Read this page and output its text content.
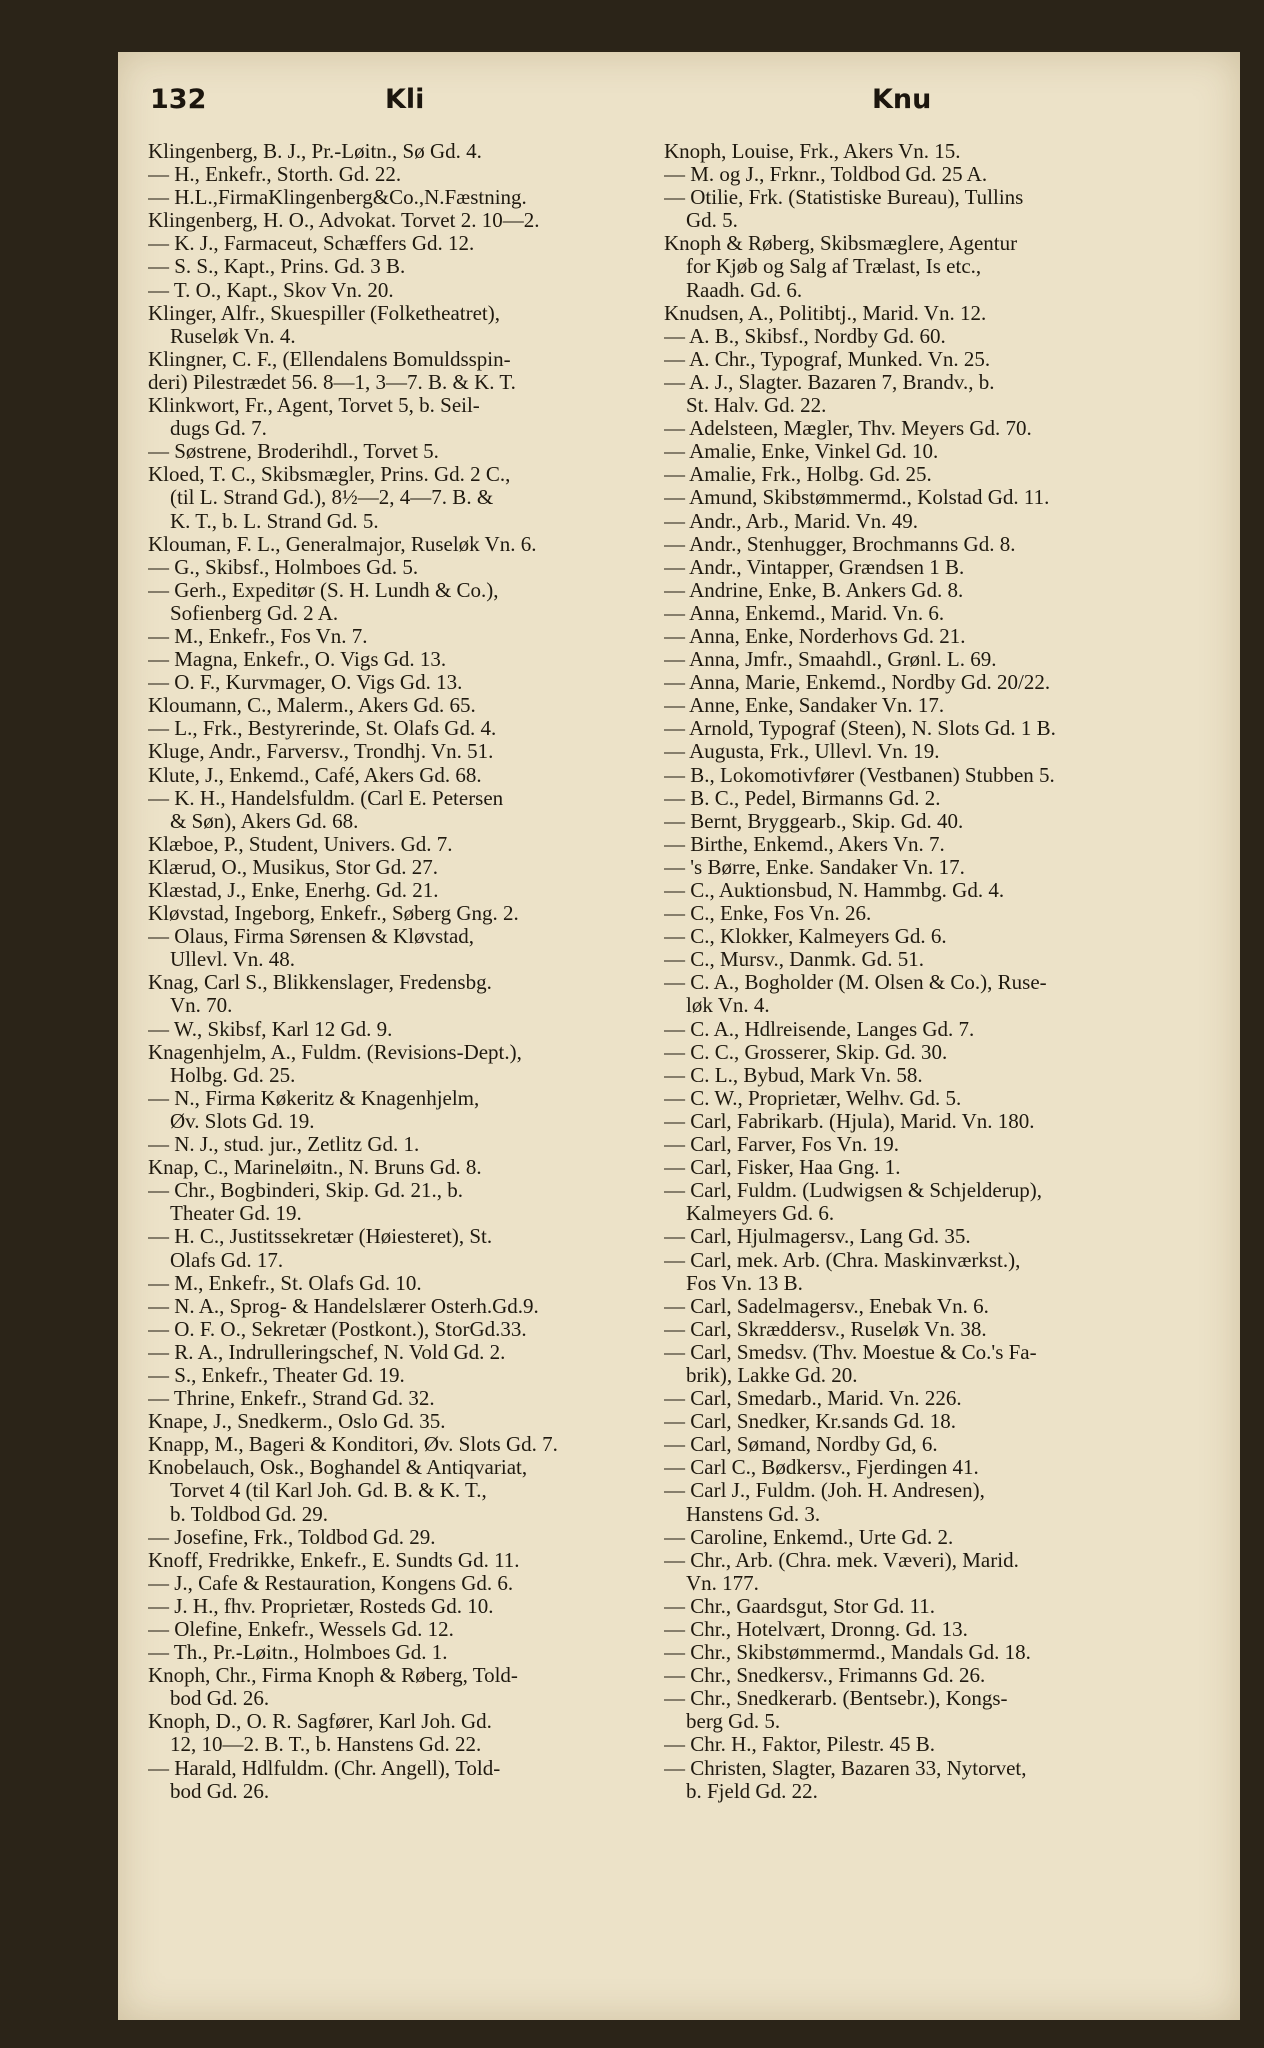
132	Kli	Knu
Klingenberg, B. J., Pr.-Løitn., Sø Gd. 4.
— H., Enkefr., Storth. Gd. 22.
— H.L.,FirmaKlingenberg&Co.,N.Fæstning.
Klingenberg, H. O., Advokat. Torvet 2. 10—2.
— K. J., Farmaceut, Schæffers Gd. 12.
— S. S., Kapt., Prins. Gd. 3 B.
— T. O., Kapt., Skov Vn. 20.
Klinger, Alfr., Skuespiller (Folketheatret),
Ruseløk Vn. 4.
Klingner, C. F., (Ellendalens Bomuldsspin-
deri) Pilestrædet 56. 8—1, 3—7. B. & K. T.
Klinkwort, Fr., Agent, Torvet 5, b. Seil-
dugs Gd. 7.
— Søstrene, Broderihdl., Torvet 5.
Kloed, T. C., Skibsmægler, Prins. Gd. 2 C.,
(til L. Strand Gd.), 8½—2, 4—7. B. &
K. T., b. L. Strand Gd. 5.
Klouman, F. L., Generalmajor, Ruseløk Vn. 6.
— G., Skibsf., Holmboes Gd. 5.
— Gerh., Expeditør (S. H. Lundh & Co.),
Sofienberg Gd. 2 A.
— M., Enkefr., Fos Vn. 7.
— Magna, Enkefr., O. Vigs Gd. 13.
— O. F., Kurvmager, O. Vigs Gd. 13.
Kloumann, C., Malerm., Akers Gd. 65.
— L., Frk., Bestyrerinde, St. Olafs Gd. 4.
Kluge, Andr., Farversv., Trondhj. Vn. 51.
Klute, J., Enkemd., Café, Akers Gd. 68.
— K. H., Handelsfuldm. (Carl E. Petersen
& Søn), Akers Gd. 68.
Klæboe, P., Student, Univers. Gd. 7.
Klærud, O., Musikus, Stor Gd. 27.
Klæstad, J., Enke, Enerhg. Gd. 21.
Kløvstad, Ingeborg, Enkefr., Søberg Gng. 2.
— Olaus, Firma Sørensen & Kløvstad,
Ullevl. Vn. 48.
Knag, Carl S., Blikkenslager, Fredensbg.
Vn. 70.
— W., Skibsf, Karl 12 Gd. 9.
Knagenhjelm, A., Fuldm. (Revisions-Dept.),
Holbg. Gd. 25.
— N., Firma Køkeritz & Knagenhjelm,
Øv. Slots Gd. 19.
— N. J., stud. jur., Zetlitz Gd. 1.
Knap, C., Marineløitn., N. Bruns Gd. 8.
— Chr., Bogbinderi, Skip. Gd. 21., b.
Theater Gd. 19.
— H. C., Justitssekretær (Høiesteret), St.
Olafs Gd. 17.
— M., Enkefr., St. Olafs Gd. 10.
— N. A., Sprog- & Handelslærer Osterh.Gd.9.
— O. F. O., Sekretær (Postkont.), StorGd.33.
— R. A., Indrulleringschef, N. Vold Gd. 2.
— S., Enkefr., Theater Gd. 19.
— Thrine, Enkefr., Strand Gd. 32.
Knape, J., Snedkerm., Oslo Gd. 35.
Knapp, M., Bageri & Konditori, Øv. Slots Gd. 7.
Knobelauch, Osk., Boghandel & Antiqvariat,
Torvet 4 (til Karl Joh. Gd. B. & K. T.,
b. Toldbod Gd. 29.
— Josefine, Frk., Toldbod Gd. 29.
Knoff, Fredrikke, Enkefr., E. Sundts Gd. 11.
— J., Cafe & Restauration, Kongens Gd. 6.
— J. H., fhv. Proprietær, Rosteds Gd. 10.
— Olefine, Enkefr., Wessels Gd. 12.
— Th., Pr.-Løitn., Holmboes Gd. 1.
Knoph, Chr., Firma Knoph & Røberg, Told-
bod Gd. 26.
Knoph, D., O. R. Sagfører, Karl Joh. Gd.
12, 10—2. B. T., b. Hanstens Gd. 22.
— Harald, Hdlfuldm. (Chr. Angell), Told-
bod Gd. 26.
Knoph, Louise, Frk., Akers Vn. 15.
— M. og J., Frknr., Toldbod Gd. 25 A.
— Otilie, Frk. (Statistiske Bureau), Tullins
Gd. 5.
Knoph & Røberg, Skibsmæglere, Agentur
for Kjøb og Salg af Trælast, Is etc.,
Raadh. Gd. 6.
Knudsen, A., Politibtj., Marid. Vn. 12.
— A. B., Skibsf., Nordby Gd. 60.
— A. Chr., Typograf, Munked. Vn. 25.
— A. J., Slagter. Bazaren 7, Brandv., b.
St. Halv. Gd. 22.
— Adelsteen, Mægler, Thv. Meyers Gd. 70.
— Amalie, Enke, Vinkel Gd. 10.
— Amalie, Frk., Holbg. Gd. 25.
— Amund, Skibstømmermd., Kolstad Gd. 11.
— Andr., Arb., Marid. Vn. 49.
— Andr., Stenhugger, Brochmanns Gd. 8.
— Andr., Vintapper, Grændsen 1 B.
— Andrine, Enke, B. Ankers Gd. 8.
— Anna, Enkemd., Marid. Vn. 6.
— Anna, Enke, Norderhovs Gd. 21.
— Anna, Jmfr., Smaahdl., Grønl. L. 69.
— Anna, Marie, Enkemd., Nordby Gd. 20/22.
— Anne, Enke, Sandaker Vn. 17.
— Arnold, Typograf (Steen), N. Slots Gd. 1 B.
— Augusta, Frk., Ullevl. Vn. 19.
— B., Lokomotivfører (Vestbanen) Stubben 5.
— B. C., Pedel, Birmanns Gd. 2.
— Bernt, Bryggearb., Skip. Gd. 40.
— Birthe, Enkemd., Akers Vn. 7.
— 's Børre, Enke. Sandaker Vn. 17.
— C., Auktionsbud, N. Hammbg. Gd. 4.
— C., Enke, Fos Vn. 26.
— C., Klokker, Kalmeyers Gd. 6.
— C., Mursv., Danmk. Gd. 51.
— C. A., Bogholder (M. Olsen & Co.), Ruse-
løk Vn. 4.
— C. A., Hdlreisende, Langes Gd. 7.
— C. C., Grosserer, Skip. Gd. 30.
— C. L., Bybud, Mark Vn. 58.
— C. W., Proprietær, Welhv. Gd. 5.
— Carl, Fabrikarb. (Hjula), Marid. Vn. 180.
— Carl, Farver, Fos Vn. 19.
— Carl, Fisker, Haa Gng. 1.
— Carl, Fuldm. (Ludwigsen & Schjelderup),
Kalmeyers Gd. 6.
— Carl, Hjulmagersv., Lang Gd. 35.
— Carl, mek. Arb. (Chra. Maskinværkst.),
Fos Vn. 13 B.
— Carl, Sadelmagersv., Enebak Vn. 6.
— Carl, Skræddersv., Ruseløk Vn. 38.
— Carl, Smedsv. (Thv. Moestue & Co.'s Fa-
brik), Lakke Gd. 20.
— Carl, Smedarb., Marid. Vn. 226.
— Carl, Snedker, Kr.sands Gd. 18.
— Carl, Sømand, Nordby Gd, 6.
— Carl C., Bødkersv., Fjerdingen 41.
— Carl J., Fuldm. (Joh. H. Andresen),
Hanstens Gd. 3.
— Caroline, Enkemd., Urte Gd. 2.
— Chr., Arb. (Chra. mek. Væveri), Marid.
Vn. 177.
— Chr., Gaardsgut, Stor Gd. 11.
— Chr., Hotelvært, Dronng. Gd. 13.
— Chr., Skibstømmermd., Mandals Gd. 18.
— Chr., Snedkersv., Frimanns Gd. 26.
— Chr., Snedkerarb. (Bentsebr.), Kongs-
berg Gd. 5.
— Chr. H., Faktor, Pilestr. 45 B.
— Christen, Slagter, Bazaren 33, Nytorvet,
b. Fjeld Gd. 22.
